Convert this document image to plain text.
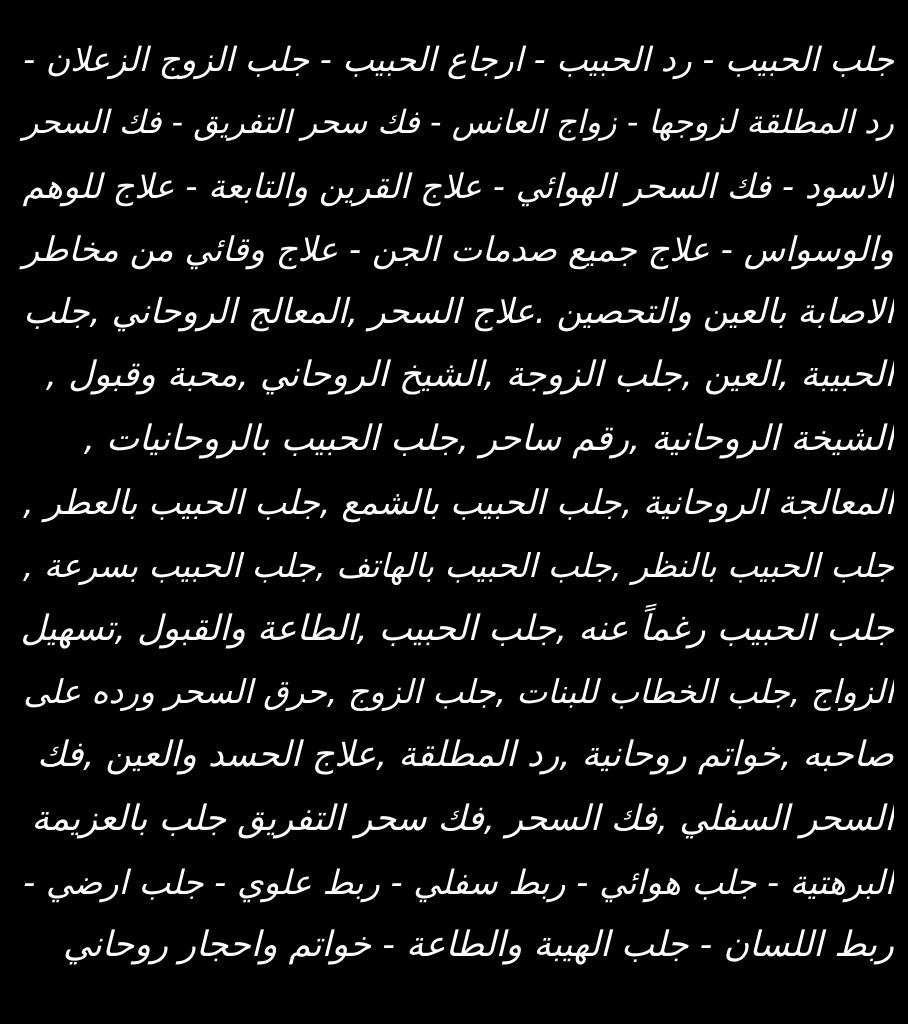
جلب الحبيب - رد الحبيب - ارجاع الحبيب - جلب الزوج الزعلان -
رد المطلقة لزوجها - زواج العانس - فك سحر التفريق - فك السحر
الاسود - فك السحر الهوائي - علاج القرين والتابعة - علاج للوهم
والوسواس - علاج جميع صدمات الجن - علاج وقائي من مخاطر
الاصابة بالعين والتحصين .علاج السحر ,المعالج الروحاني ,جلب
الحبيبة ,العين ,جلب الزوجة ,الشيخ الروحاني ,محبة وقبول ,
الشيخة الروحانية ,رقم ساحر ,جلب الحبيب بالروحانيات ,
المعالجة الروحانية ,جلب الحبيب بالشمع ,جلب الحبيب بالعطر ,
جلب الحبيب بالنظر ,جلب الحبيب بالهاتف ,جلب الحبيب بسرعة ,
جلب الحبيب رغماً عنه ,جلب الحبيب ,الطاعة والقبول ,تسهيل
الزواج ,جلب الخطاب للبنات ,جلب الزوج ,حرق السحر ورده على
صاحبه ,خواتم روحانية ,رد المطلقة ,علاج الحسد والعين ,فك
السحر السفلي ,فك السحر ,فك سحر التفريق جلب بالعزيمة
البرهتية - جلب هوائي - ربط سفلي - ربط علوي - جلب ارضي -
ربط اللسان - جلب الهيبة والطاعة - خواتم واحجار روحاني
